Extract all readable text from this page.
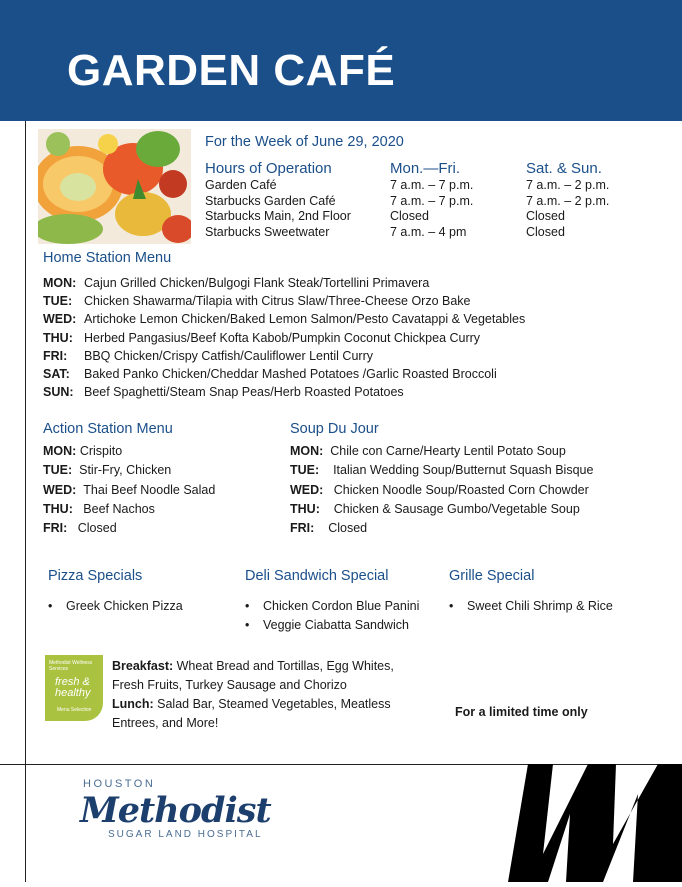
GARDEN CAFÉ
For the Week of June 29, 2020
Hours of Operation	Mon.—Fri.	Sat. & Sun.
Garden Café	7 a.m. – 7 p.m.	7 a.m. – 2 p.m.
Starbucks Garden Café	7 a.m. – 7 p.m.	7 a.m. – 2 p.m.
Starbucks Main, 2nd Floor	Closed	Closed
Starbucks Sweetwater	7 a.m. – 4 pm	Closed
Home Station Menu
MON: Cajun Grilled Chicken/Bulgogi Flank Steak/Tortellini Primavera
TUE: Chicken Shawarma/Tilapia with Citrus Slaw/Three-Cheese Orzo Bake
WED: Artichoke Lemon Chicken/Baked Lemon Salmon/Pesto Cavatappi & Vegetables
THU: Herbed Pangasius/Beef Kofta Kabob/Pumpkin Coconut Chickpea Curry
FRI: BBQ Chicken/Crispy Catfish/Cauliflower Lentil Curry
SAT: Baked Panko Chicken/Cheddar Mashed Potatoes /Garlic Roasted Broccoli
SUN: Beef Spaghetti/Steam Snap Peas/Herb Roasted Potatoes
Action Station Menu
MON: Crispito
TUE: Stir-Fry, Chicken
WED: Thai Beef Noodle Salad
THU: Beef Nachos
FRI: Closed
Soup Du Jour
MON: Chile con Carne/Hearty Lentil Potato Soup
TUE: Italian Wedding Soup/Butternut Squash Bisque
WED: Chicken Noodle Soup/Roasted Corn Chowder
THU: Chicken & Sausage Gumbo/Vegetable Soup
FRI: Closed
Pizza Specials
• Greek Chicken Pizza
Deli Sandwich Special
• Chicken Cordon Blue Panini
• Veggie Ciabatta Sandwich
Grille Special
• Sweet Chili Shrimp & Rice
Methodist Wellness Services
fresh & healthy
Menu Selection
Breakfast: Wheat Bread and Tortillas, Egg Whites, Fresh Fruits, Turkey Sausage and Chorizo
Lunch: Salad Bar, Steamed Vegetables, Meatless Entrees, and More!
For a limited time only
HOUSTON
Methodist
SUGAR LAND HOSPITAL
